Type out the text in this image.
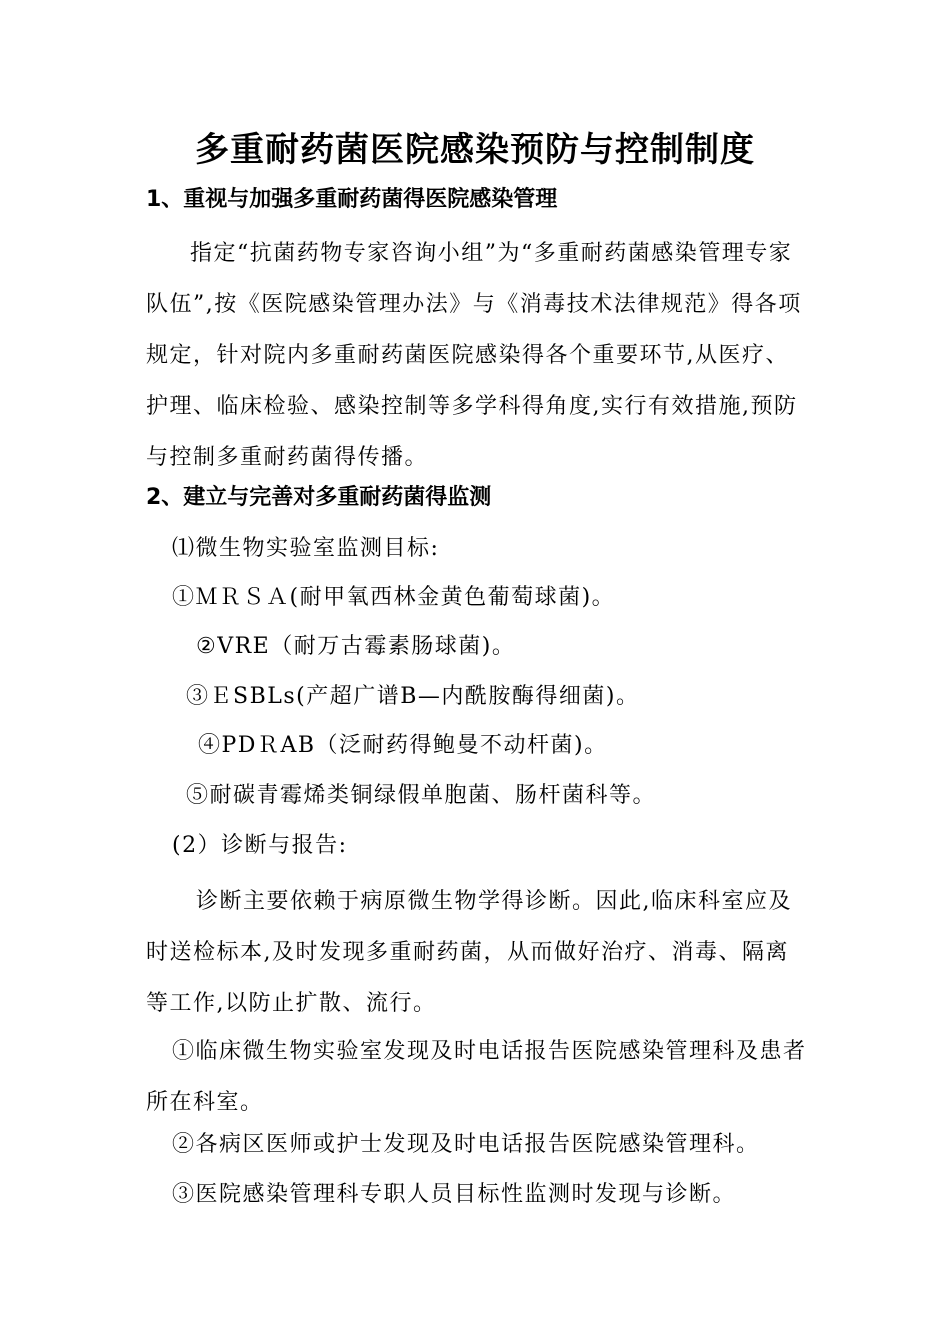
多重耐药菌医院感染预防与控制制度
1、重视与加强多重耐药菌得医院感染管理

指定“抗菌药物专家咨询小组”为“多重耐药菌感染管理专家队伍”,按《医院感染管理办法》与《消毒技术法律规范》得各项规定，针对院内多重耐药菌医院感染得各个重要环节,从医疗、护理、临床检验、感染控制等多学科得角度,实行有效措施,预防与控制多重耐药菌得传播。

2、建立与完善对多重耐药菌得监测

⑴微生物实验室监测目标:

①ＭＲＳＡ(耐甲氧西林金黄色葡萄球菌)。

②VRE（耐万古霉素肠球菌)。

③ＥSBLs(产超广谱Β—内酰胺酶得细菌)。

④PDＲAB（泛耐药得鲍曼不动杆菌)。

⑤耐碳青霉烯类铜绿假单胞菌、肠杆菌科等。

(2）诊断与报告:

诊断主要依赖于病原微生物学得诊断。因此,临床科室应及时送检标本,及时发现多重耐药菌，从而做好治疗、消毒、隔离等工作,以防止扩散、流行。

①临床微生物实验室发现及时电话报告医院感染管理科及患者所在科室。

②各病区医师或护士发现及时电话报告医院感染管理科。

③医院感染管理科专职人员目标性监测时发现与诊断。
